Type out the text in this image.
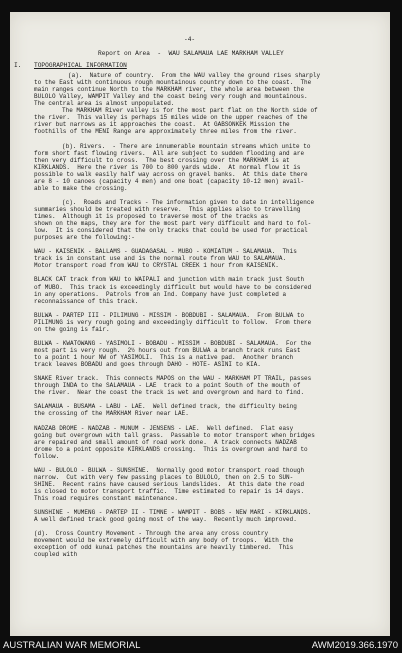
-4-
Report on Area  -  WAU SALAMAUA LAE MARKHAM VALLEY
I.	TOPOGRAPHICAL INFORMATION
(a).  Nature of country.  From the WAU valley the ground rises sharply
to the East with continuous rough mountainous country down to the coast.  The
main ranges continue North to the MARKHAM river, the whole area between the
BULOLO Valley, WAMPIT Valley and the coast being very rough and mountainous.
The central area is almost unpopulated.
The MARKHAM River valley is for the most part flat on the North side of
the river.  This valley is perhaps 15 miles wide on the upper reaches of the
river but narrows as it approaches the coast.  At GABSONKEK Mission the
foothills of the MENI Range are approximately three miles from the river.
(b). Rivers.  - There are innumerable mountain streams which unite to
form short fast flowing rivers.  All are subject to sudden flooding and are
then very difficult to cross.  The best crossing over the MARKHAM is at
KIRKLANDS.  Here the river is 700 to 800 yards wide.  At normal flow it is
possible to walk easily half way across on gravel banks.  At this date there
are 8 - 10 canoes (capacity 4 men) and one boat (capacity 10-12 men) avail-
able to make the crossing.
(c).  Roads and Tracks - The information given to date in intelligence
summaries should be treated with reserve.  This applies also to travelling
times.  Although it is proposed to traverse most of the tracks as
shown on the maps, they are for the most part very difficult and hard to fol-
low.  It is considered that the only tracks that could be used for practical
purposes are the following:-
WAU - KAISENIK - BALLAMS - GUADAGASAL - MUBO - KOMIATUM - SALAMAUA.  This
track is in constant use and is the normal route from WAU to SALAMAUA.
Motor transport road from WAU to CRYSTAL CREEK 1 hour from KAISENIK.
BLACK CAT track from WAU to WAIPALI and junction with main track just South
of MUBO.  This track is exceedingly difficult but would have to be considered
in any operations.  Patrols from an Ind. Company have just completed a
reconnaissance of this track.
BULWA - PARTEP III - PILIMUNG - MISSIM - BOBDUBI - SALAMAUA.  From BULWA to
PILIMUNG is very rough going and exceedingly difficult to follow.  From there
on the going is fair.
BULWA - KWATOWANG - YASIMOLI - BOBADU - MISSIM - BOBDUBI - SALAMAUA.  For the
most part is very rough.  2½ hours out from BULWA a branch track runs East
to a point 1 hour NW of YASIMOLI.  This is a native pad.  Another branch
track leaves BOBADU and goes through DAHO - HOTE- ASINI to KIA.
SNAKE River track.  This connects MAPOS on the WAU - MARKHAM PT TRAIL, passes
through INDA to the SALAMAUA - LAE  track to a point South of the mouth of
the river.  Near the coast the track is wet and overgrown and hard to find.
SALAMAUA - BUSAMA - LABU - LAE.  Well defined track, the difficulty being
the crossing of the MARKHAM River near LAE.
NADZAB DROME - NADZAB - MUNUM - JENSENS - LAE.  Well defined.  Flat easy
going but overgrown with tall grass.  Passable to motor transport when bridges
are repaired and small amount of road work done.  A track connects NADZAB
drome to a point opposite KIRKLANDS crossing.  This is overgrown and hard to
follow.
WAU - BULOLO - BULWA - SUNSHINE.  Normally good motor transport road though
narrow.  Cut with very few passing places to BULOLO, then on 2.5 to SUN-
SHINE.  Recent rains have caused serious landslides.  At this date the road
is closed to motor transport traffic.  Time estimated to repair is 14 days.
This road requires constant maintenance.
SUNSHINE - MUMENG - PARTEP II - TIMNE - WAMPIT - BOBS - NEW MARI - KIRKLANDS.
A well defined track good going most of the way.  Recently much improved.
(d).  Cross Country Movement - Through the area any cross country
movement would be extremely difficult with any body of troops.  With the
exception of odd kunai patches the mountains are heavily timbered.  This
coupled with
AUSTRALIAN WAR MEMORIAL	AWM2019.366.1970
